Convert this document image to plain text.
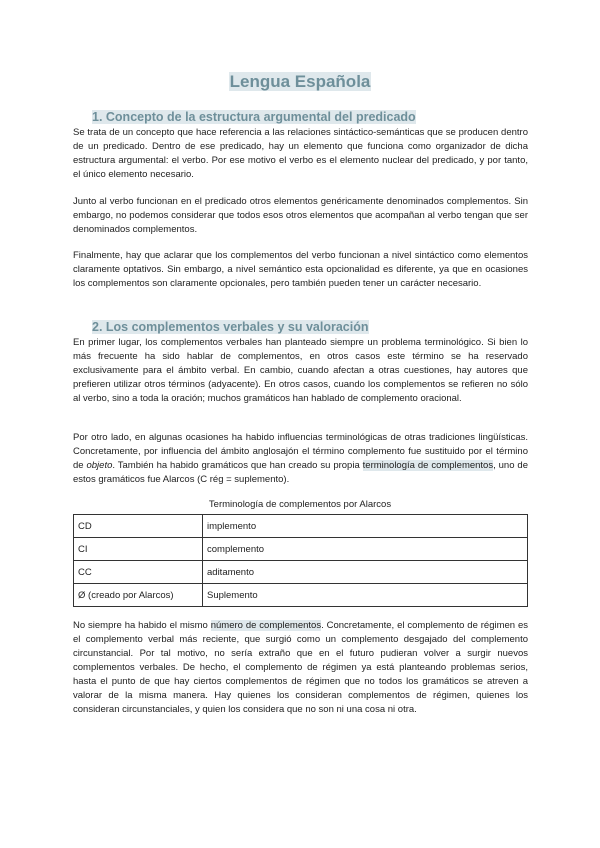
Lengua Española
1. Concepto de la estructura argumental del predicado
Se trata de un concepto que hace referencia a las relaciones sintáctico-semánticas que se producen dentro de un predicado. Dentro de ese predicado, hay un elemento que funciona como organizador de dicha estructura argumental: el verbo. Por ese motivo el verbo es el elemento nuclear del predicado, y por tanto, el único elemento necesario.
Junto al verbo funcionan en el predicado otros elementos genéricamente denominados complementos. Sin embargo, no podemos considerar que todos esos otros elementos que acompañan al verbo tengan que ser denominados complementos.
Finalmente, hay que aclarar que los complementos del verbo funcionan a nivel sintáctico como elementos claramente optativos. Sin embargo, a nivel semántico esta opcionalidad es diferente, ya que en ocasiones los complementos son claramente opcionales, pero también pueden tener un carácter necesario.
2. Los complementos verbales y su valoración
En primer lugar, los complementos verbales han planteado siempre un problema terminológico. Si bien lo más frecuente ha sido hablar de complementos, en otros casos este término se ha reservado exclusivamente para el ámbito verbal. En cambio, cuando afectan a otras cuestiones, hay autores que prefieren utilizar otros términos (adyacente). En otros casos, cuando los complementos se refieren no sólo al verbo, sino a toda la oración; muchos gramáticos han hablado de complemento oracional.
Por otro lado, en algunas ocasiones ha habido influencias terminológicas de otras tradiciones lingüísticas. Concretamente, por influencia del ámbito anglosajón el término complemento fue sustituido por el término de objeto. También ha habido gramáticos que han creado su propia terminología de complementos, uno de estos gramáticos fue Alarcos (C rég = suplemento).
Terminología de complementos por Alarcos
CD	implemento
CI	complemento
CC	aditamento
Ø (creado por Alarcos)	Suplemento
No siempre ha habido el mismo número de complementos. Concretamente, el complemento de régimen es el complemento verbal más reciente, que surgió como un complemento desgajado del complemento circunstancial. Por tal motivo, no sería extraño que en el futuro pudieran volver a surgir nuevos complementos verbales. De hecho, el complemento de régimen ya está planteando problemas serios, hasta el punto de que hay ciertos complementos de régimen que no todos los gramáticos se atreven a valorar de la misma manera. Hay quienes los consideran complementos de régimen, quienes los consideran circunstanciales, y quien los considera que no son ni una cosa ni otra.
